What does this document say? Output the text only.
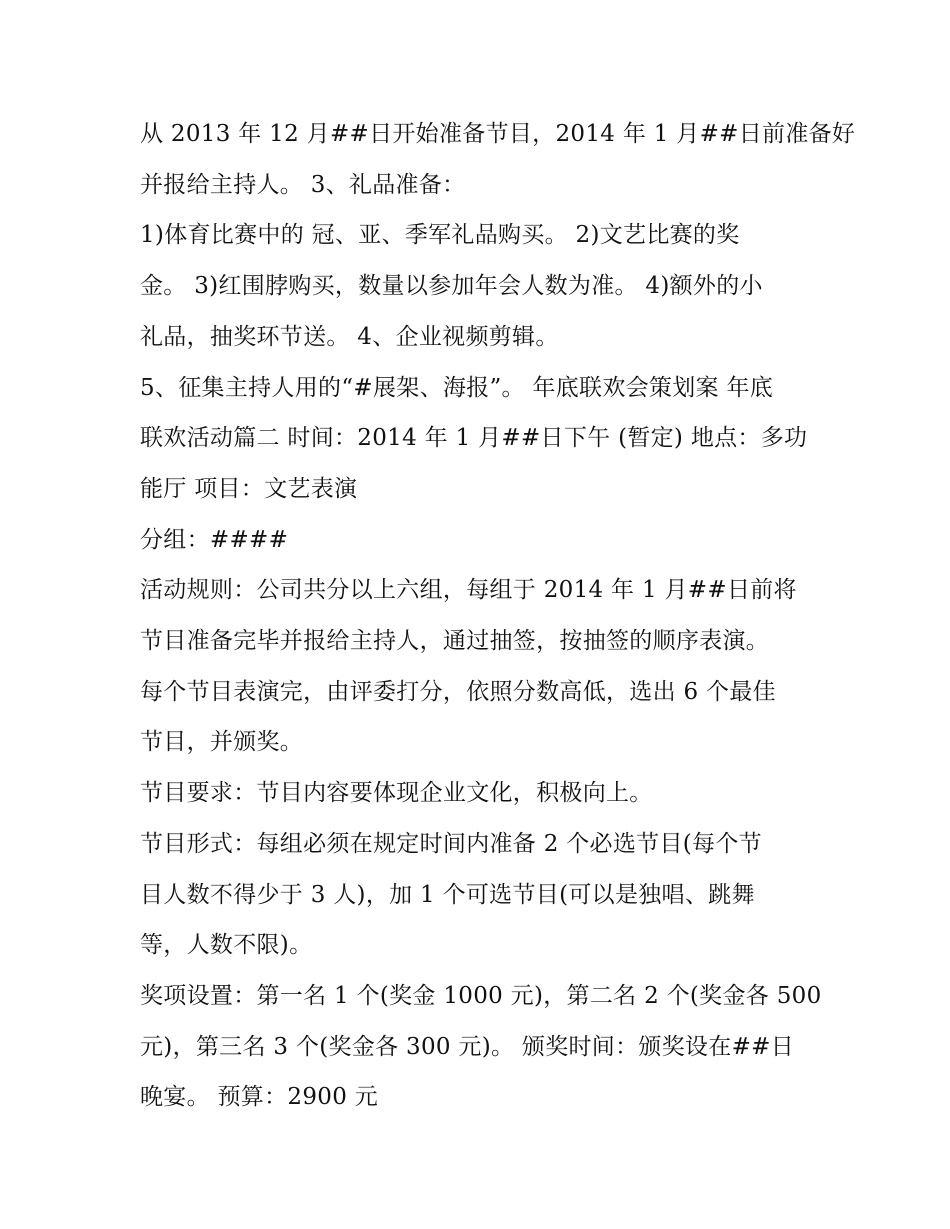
从 2013 年 12 月##日开始准备节目，2014 年 1 月##日前准备好
并报给主持人。 3、礼品准备：

1)体育比赛中的 冠、亚、季军礼品购买。 2)文艺比赛的奖
金。 3)红围脖购买，数量以参加年会人数为准。 4)额外的小
礼品，抽奖环节送。 4、企业视频剪辑。

5、征集主持人用的“#展架、海报”。 年底联欢会策划案 年底
联欢活动篇二 时间：2014 年 1 月##日下午 (暂定) 地点：多功
能厅 项目：文艺表演

分组：####

活动规则：公司共分以上六组，每组于 2014 年 1 月##日前将
节目准备完毕并报给主持人，通过抽签，按抽签的顺序表演。
每个节目表演完，由评委打分，依照分数高低，选出 6 个最佳
节目，并颁奖。

节目要求：节目内容要体现企业文化，积极向上。

节目形式：每组必须在规定时间内准备 2 个必选节目(每个节
目人数不得少于 3 人)，加 1 个可选节目(可以是独唱、跳舞
等，人数不限)。

奖项设置：第一名 1 个(奖金 1000 元)，第二名 2 个(奖金各 500
元)，第三名 3 个(奖金各 300 元)。 颁奖时间：颁奖设在##日
晚宴。 预算：2900 元
